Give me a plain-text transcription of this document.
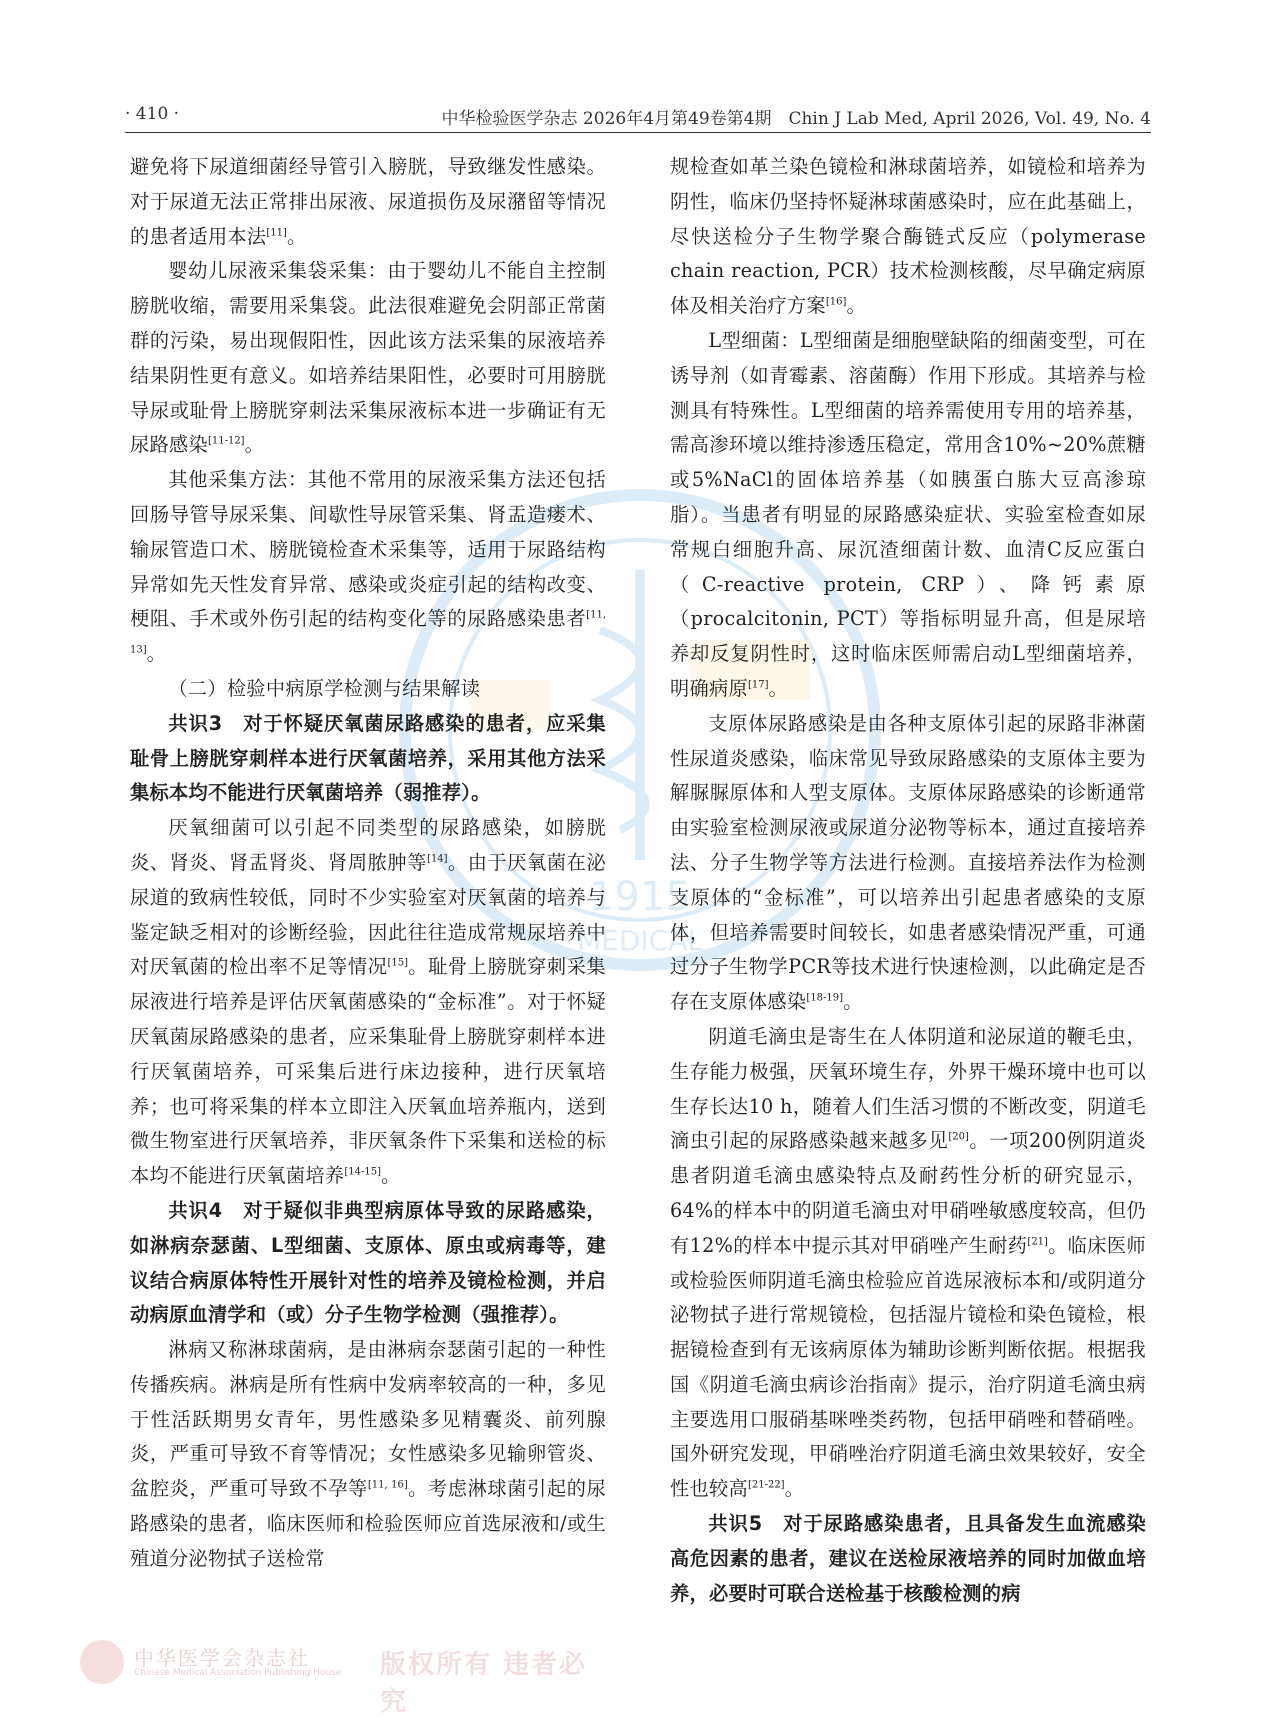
· 410 ·	中华检验医学杂志 2026年4月第49卷第4期　Chin J Lab Med, April 2026, Vol. 49, No. 4
1915
MEDICAL

避免将下尿道细菌经导管引入膀胱，导致继发性感染。对于尿道无法正常排出尿液、尿道损伤及尿潴留等情况的患者适用本法[11]。

婴幼儿尿液采集袋采集：由于婴幼儿不能自主控制膀胱收缩，需要用采集袋。此法很难避免会阴部正常菌群的污染，易出现假阳性，因此该方法采集的尿液培养结果阴性更有意义。如培养结果阳性，必要时可用膀胱导尿或耻骨上膀胱穿刺法采集尿液标本进一步确证有无尿路感染[11-12]。

其他采集方法：其他不常用的尿液采集方法还包括回肠导管导尿采集、间歇性导尿管采集、肾盂造瘘术、输尿管造口术、膀胱镜检查术采集等，适用于尿路结构异常如先天性发育异常、感染或炎症引起的结构改变、梗阻、手术或外伤引起的结构变化等的尿路感染患者[11, 13]。

（二）检验中病原学检测与结果解读

共识3　对于怀疑厌氧菌尿路感染的患者，应采集耻骨上膀胱穿刺样本进行厌氧菌培养，采用其他方法采集标本均不能进行厌氧菌培养（弱推荐）。

厌氧细菌可以引起不同类型的尿路感染，如膀胱炎、肾炎、肾盂肾炎、肾周脓肿等[14]。由于厌氧菌在泌尿道的致病性较低，同时不少实验室对厌氧菌的培养与鉴定缺乏相对的诊断经验，因此往往造成常规尿培养中对厌氧菌的检出率不足等情况[15]。耻骨上膀胱穿刺采集尿液进行培养是评估厌氧菌感染的“金标准”。对于怀疑厌氧菌尿路感染的患者，应采集耻骨上膀胱穿刺样本进行厌氧菌培养，可采集后进行床边接种，进行厌氧培养；也可将采集的样本立即注入厌氧血培养瓶内，送到微生物室进行厌氧培养，非厌氧条件下采集和送检的标本均不能进行厌氧菌培养[14-15]。

共识4　对于疑似非典型病原体导致的尿路感染，如淋病奈瑟菌、L型细菌、支原体、原虫或病毒等，建议结合病原体特性开展针对性的培养及镜检检测，并启动病原血清学和（或）分子生物学检测（强推荐）。

淋病又称淋球菌病，是由淋病奈瑟菌引起的一种性传播疾病。淋病是所有性病中发病率较高的一种，多见于性活跃期男女青年，男性感染多见精囊炎、前列腺炎，严重可导致不育等情况；女性感染多见输卵管炎、盆腔炎，严重可导致不孕等[11, 16]。考虑淋球菌引起的尿路感染的患者，临床医师和检验医师应首选尿液和/或生殖道分泌物拭子送检常

规检查如革兰染色镜检和淋球菌培养，如镜检和培养为阴性，临床仍坚持怀疑淋球菌感染时，应在此基础上，尽快送检分子生物学聚合酶链式反应（polymerase chain reaction, PCR）技术检测核酸，尽早确定病原体及相关治疗方案[16]。

L型细菌：L型细菌是细胞壁缺陷的细菌变型，可在诱导剂（如青霉素、溶菌酶）作用下形成。其培养与检测具有特殊性。L型细菌的培养需使用专用的培养基，需高渗环境以维持渗透压稳定，常用含10%~20%蔗糖或5%NaCl的固体培养基（如胰蛋白胨大豆高渗琼脂）。当患者有明显的尿路感染症状、实验室检查如尿常规白细胞升高、尿沉渣细菌计数、血清C反应蛋白（C-reactive protein, CRP）、降钙素原（procalcitonin, PCT）等指标明显升高，但是尿培养却反复阴性时，这时临床医师需启动L型细菌培养，明确病原[17]。

支原体尿路感染是由各种支原体引起的尿路非淋菌性尿道炎感染，临床常见导致尿路感染的支原体主要为解脲脲原体和人型支原体。支原体尿路感染的诊断通常由实验室检测尿液或尿道分泌物等标本，通过直接培养法、分子生物学等方法进行检测。直接培养法作为检测支原体的“金标准”，可以培养出引起患者感染的支原体，但培养需要时间较长，如患者感染情况严重，可通过分子生物学PCR等技术进行快速检测，以此确定是否存在支原体感染[18-19]。

阴道毛滴虫是寄生在人体阴道和泌尿道的鞭毛虫，生存能力极强，厌氧环境生存，外界干燥环境中也可以生存长达10 h，随着人们生活习惯的不断改变，阴道毛滴虫引起的尿路感染越来越多见[20]。一项200例阴道炎患者阴道毛滴虫感染特点及耐药性分析的研究显示，64%的样本中的阴道毛滴虫对甲硝唑敏感度较高，但仍有12%的样本中提示其对甲硝唑产生耐药[21]。临床医师或检验医师阴道毛滴虫检验应首选尿液标本和/或阴道分泌物拭子进行常规镜检，包括湿片镜检和染色镜检，根据镜检查到有无该病原体为辅助诊断判断依据。根据我国《阴道毛滴虫病诊治指南》提示，治疗阴道毛滴虫病主要选用口服硝基咪唑类药物，包括甲硝唑和替硝唑。国外研究发现，甲硝唑治疗阴道毛滴虫效果较好，安全性也较高[21-22]。

共识5　对于尿路感染患者，且具备发生血流感染高危因素的患者，建议在送检尿液培养的同时加做血培养，必要时可联合送检基于核酸检测的病

中华医学会杂志社
Chinese Medical Association Publishing House 版权所有 违者必究
